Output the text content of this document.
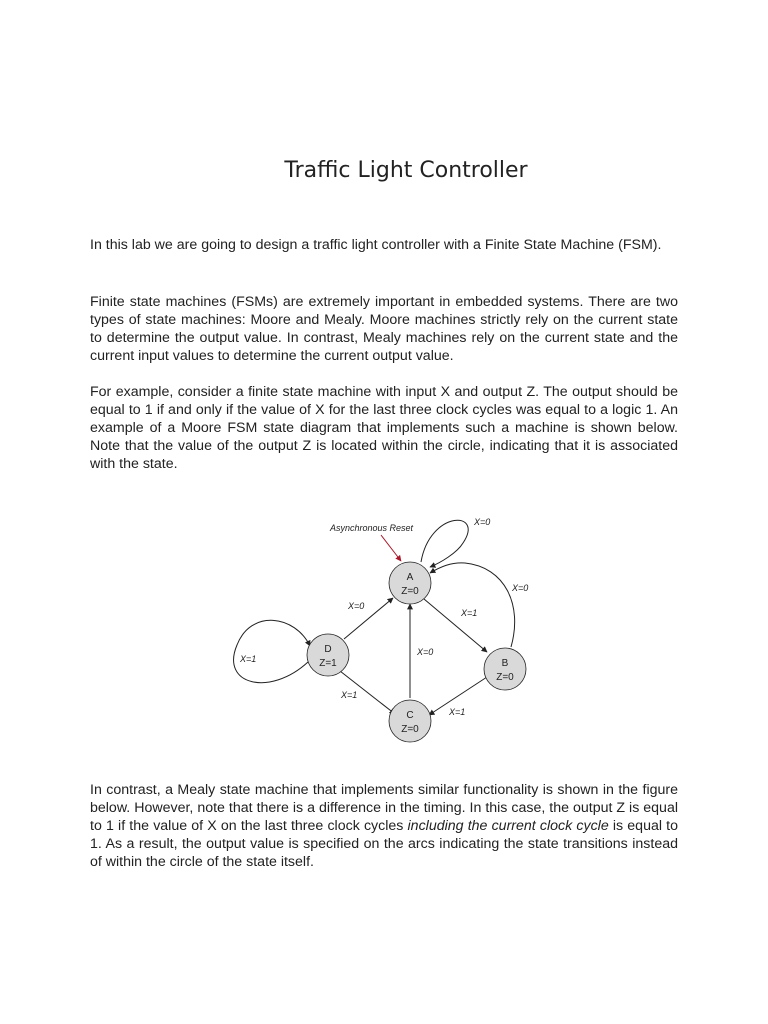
Traffic Light Controller

In this lab we are going to design a traffic light controller with a Finite State Machine (FSM).

Finite state machines (FSMs) are extremely important in embedded systems. There are two types of state machines: Moore and Mealy. Moore machines strictly rely on the current state to determine the output value. In contrast, Mealy machines rely on the current state and the current input values to determine the current output value.

For example, consider a finite state machine with input X and output Z. The output should be equal to 1 if and only if the value of X for the last three clock cycles was equal to a logic 1. An example of a Moore FSM state diagram that implements such a machine is shown below. Note that the value of the output Z is located within the circle, indicating that it is associated with the state.

Asynchronous Reset
X=0
X=0
X=1
X=0
X=0
X=1
X=1
X=1
A
Z=0
B
Z=0
C
Z=0
D
Z=1

In contrast, a Mealy state machine that implements similar functionality is shown in the figure below. However, note that there is a difference in the timing. In this case, the output Z is equal to 1 if the value of X on the last three clock cycles including the current clock cycle is equal to 1. As a result, the output value is specified on the arcs indicating the state transitions instead of within the circle of the state itself.
